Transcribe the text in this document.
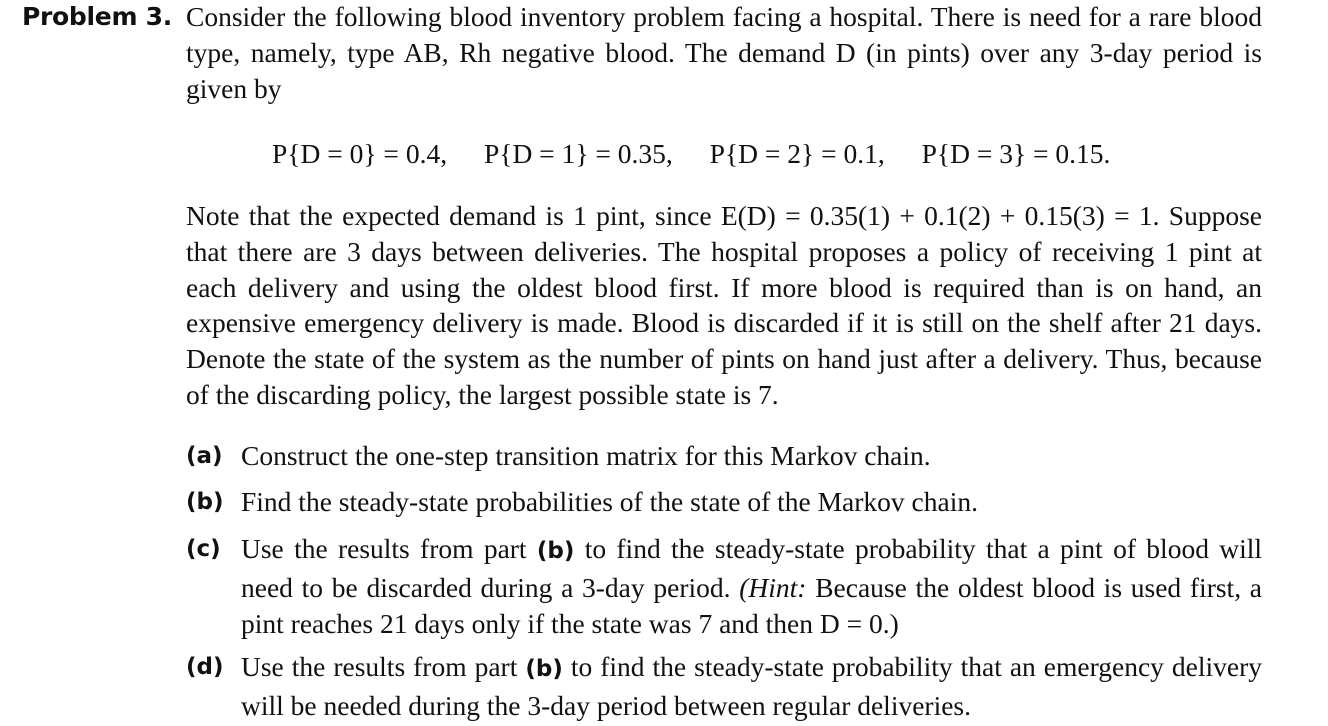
Problem 3. Consider the following blood inventory problem facing a hospital. There is need for a rare blood type, namely, type AB, Rh negative blood. The demand D (in pints) over any 3-day period is given by
P{D = 0} = 0.4, P{D = 1} = 0.35, P{D = 2} = 0.1, P{D = 3} = 0.15.
Note that the expected demand is 1 pint, since E(D) = 0.35(1) + 0.1(2) + 0.15(3) = 1. Suppose that there are 3 days between deliveries. The hospital proposes a policy of receiving 1 pint at each delivery and using the oldest blood first. If more blood is required than is on hand, an expensive emergency delivery is made. Blood is discarded if it is still on the shelf after 21 days. Denote the state of the system as the number of pints on hand just after a delivery. Thus, because of the discarding policy, the largest possible state is 7.
(a) Construct the one-step transition matrix for this Markov chain.
(b) Find the steady-state probabilities of the state of the Markov chain.
(c) Use the results from part (b) to find the steady-state probability that a pint of blood will need to be discarded during a 3-day period. (Hint: Because the oldest blood is used first, a pint reaches 21 days only if the state was 7 and then D = 0.)
(d) Use the results from part (b) to find the steady-state probability that an emergency delivery will be needed during the 3-day period between regular deliveries.
